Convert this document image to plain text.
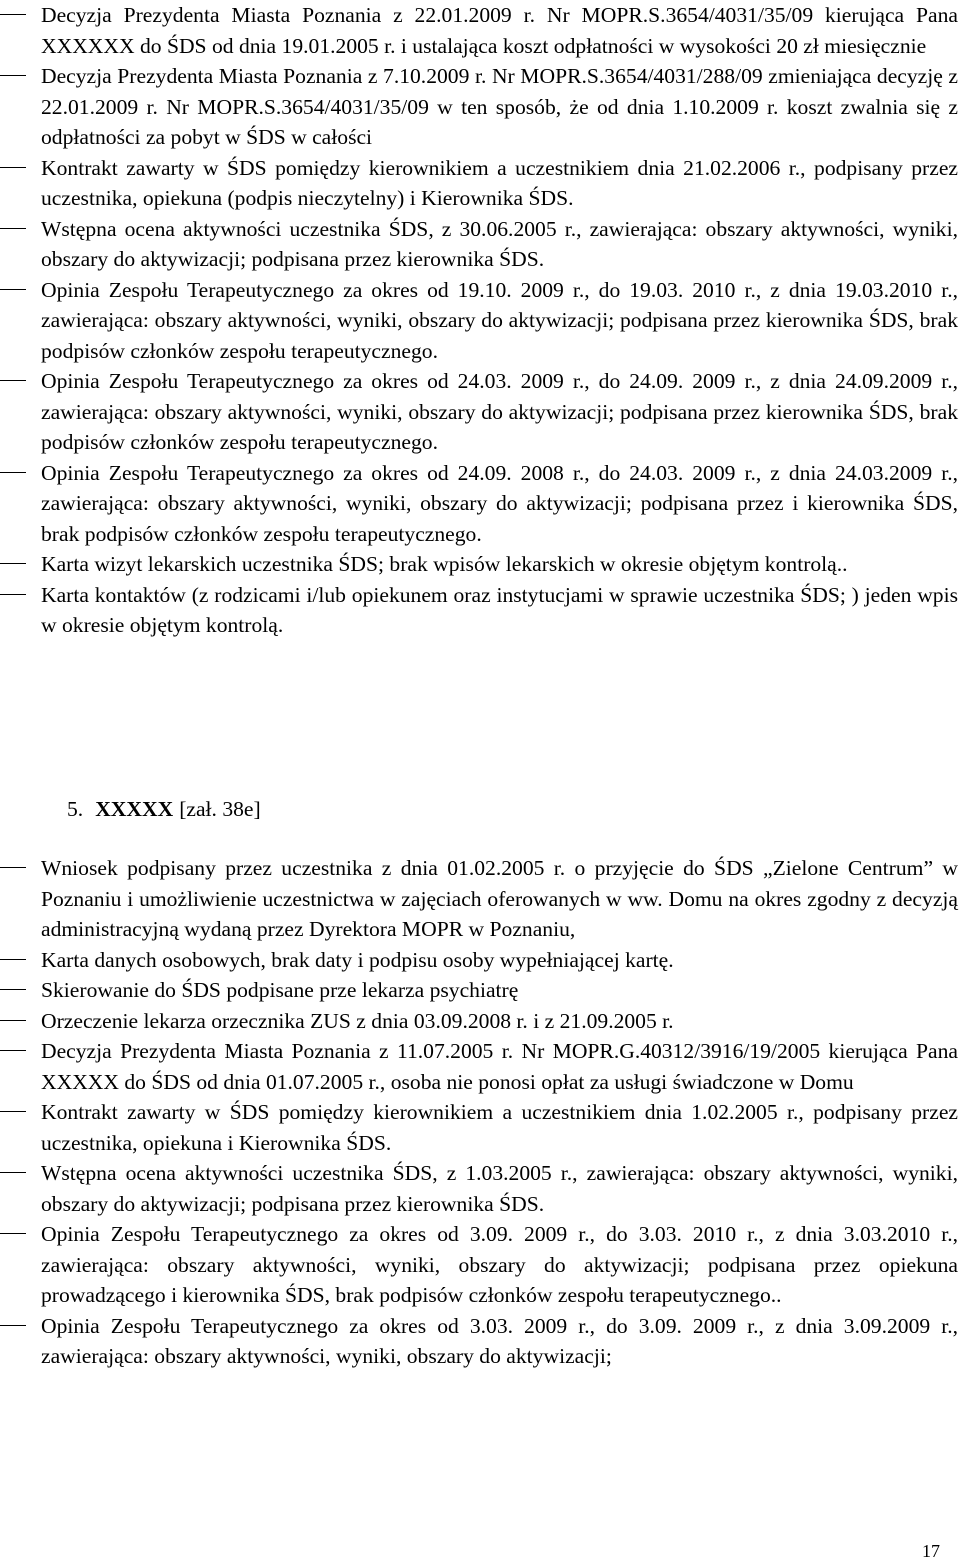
Decyzja Prezydenta Miasta Poznania z 22.01.2009 r. Nr MOPR.S.3654/4031/35/09 kierująca Pana XXXXXX do ŚDS od dnia 19.01.2005 r. i ustalająca koszt odpłatności w wysokości 20 zł miesięcznie
Decyzja Prezydenta Miasta Poznania z 7.10.2009 r. Nr MOPR.S.3654/4031/288/09 zmieniająca decyzję z 22.01.2009 r. Nr MOPR.S.3654/4031/35/09 w ten sposób, że od dnia 1.10.2009 r. koszt zwalnia się z odpłatności za pobyt w ŚDS w całości
Kontrakt zawarty w ŚDS pomiędzy kierownikiem a uczestnikiem dnia 21.02.2006 r., podpisany przez uczestnika, opiekuna (podpis nieczytelny) i Kierownika ŚDS.
Wstępna ocena aktywności uczestnika ŚDS, z 30.06.2005 r., zawierająca: obszary aktywności, wyniki, obszary do aktywizacji; podpisana przez kierownika ŚDS.
Opinia Zespołu Terapeutycznego za okres od 19.10. 2009 r., do 19.03. 2010 r., z dnia 19.03.2010 r., zawierająca: obszary aktywności, wyniki, obszary do aktywizacji; podpisana przez kierownika ŚDS, brak podpisów członków zespołu terapeutycznego.
Opinia Zespołu Terapeutycznego za okres od 24.03. 2009 r., do 24.09. 2009 r., z dnia 24.09.2009 r., zawierająca: obszary aktywności, wyniki, obszary do aktywizacji; podpisana przez kierownika ŚDS, brak podpisów członków zespołu terapeutycznego.
Opinia Zespołu Terapeutycznego za okres od 24.09. 2008 r., do 24.03. 2009 r., z dnia 24.03.2009 r., zawierająca: obszary aktywności, wyniki, obszary do aktywizacji; podpisana przez i kierownika ŚDS, brak podpisów członków zespołu terapeutycznego.
Karta wizyt lekarskich uczestnika ŚDS; brak wpisów lekarskich w okresie objętym kontrolą..
Karta kontaktów (z rodzicami i/lub opiekunem oraz instytucjami w sprawie uczestnika ŚDS; ) jeden wpis w okresie objętym kontrolą.

5. XXXXX [zał. 38e]

Wniosek podpisany przez uczestnika z dnia 01.02.2005 r. o przyjęcie do ŚDS „Zielone Centrum” w Poznaniu i umożliwienie uczestnictwa w zajęciach oferowanych w ww. Domu na okres zgodny z decyzją administracyjną wydaną przez Dyrektora MOPR w Poznaniu,
Karta danych osobowych, brak daty i podpisu osoby wypełniającej kartę.
Skierowanie do ŚDS podpisane prze lekarza psychiatrę
Orzeczenie lekarza orzecznika ZUS z dnia 03.09.2008 r. i z 21.09.2005 r.
Decyzja Prezydenta Miasta Poznania z 11.07.2005 r. Nr MOPR.G.40312/3916/19/2005 kierująca Pana XXXXX do ŚDS od dnia 01.07.2005 r., osoba nie ponosi opłat za usługi świadczone w Domu
Kontrakt zawarty w ŚDS pomiędzy kierownikiem a uczestnikiem dnia 1.02.2005 r., podpisany przez uczestnika, opiekuna i Kierownika ŚDS.
Wstępna ocena aktywności uczestnika ŚDS, z 1.03.2005 r., zawierająca: obszary aktywności, wyniki, obszary do aktywizacji; podpisana przez kierownika ŚDS.
Opinia Zespołu Terapeutycznego za okres od 3.09. 2009 r., do 3.03. 2010 r., z dnia 3.03.2010 r., zawierająca: obszary aktywności, wyniki, obszary do aktywizacji; podpisana przez opiekuna prowadzącego i kierownika ŚDS, brak podpisów członków zespołu terapeutycznego..
Opinia Zespołu Terapeutycznego za okres od 3.03. 2009 r., do 3.09. 2009 r., z dnia 3.09.2009 r., zawierająca: obszary aktywności, wyniki, obszary do aktywizacji;
17
